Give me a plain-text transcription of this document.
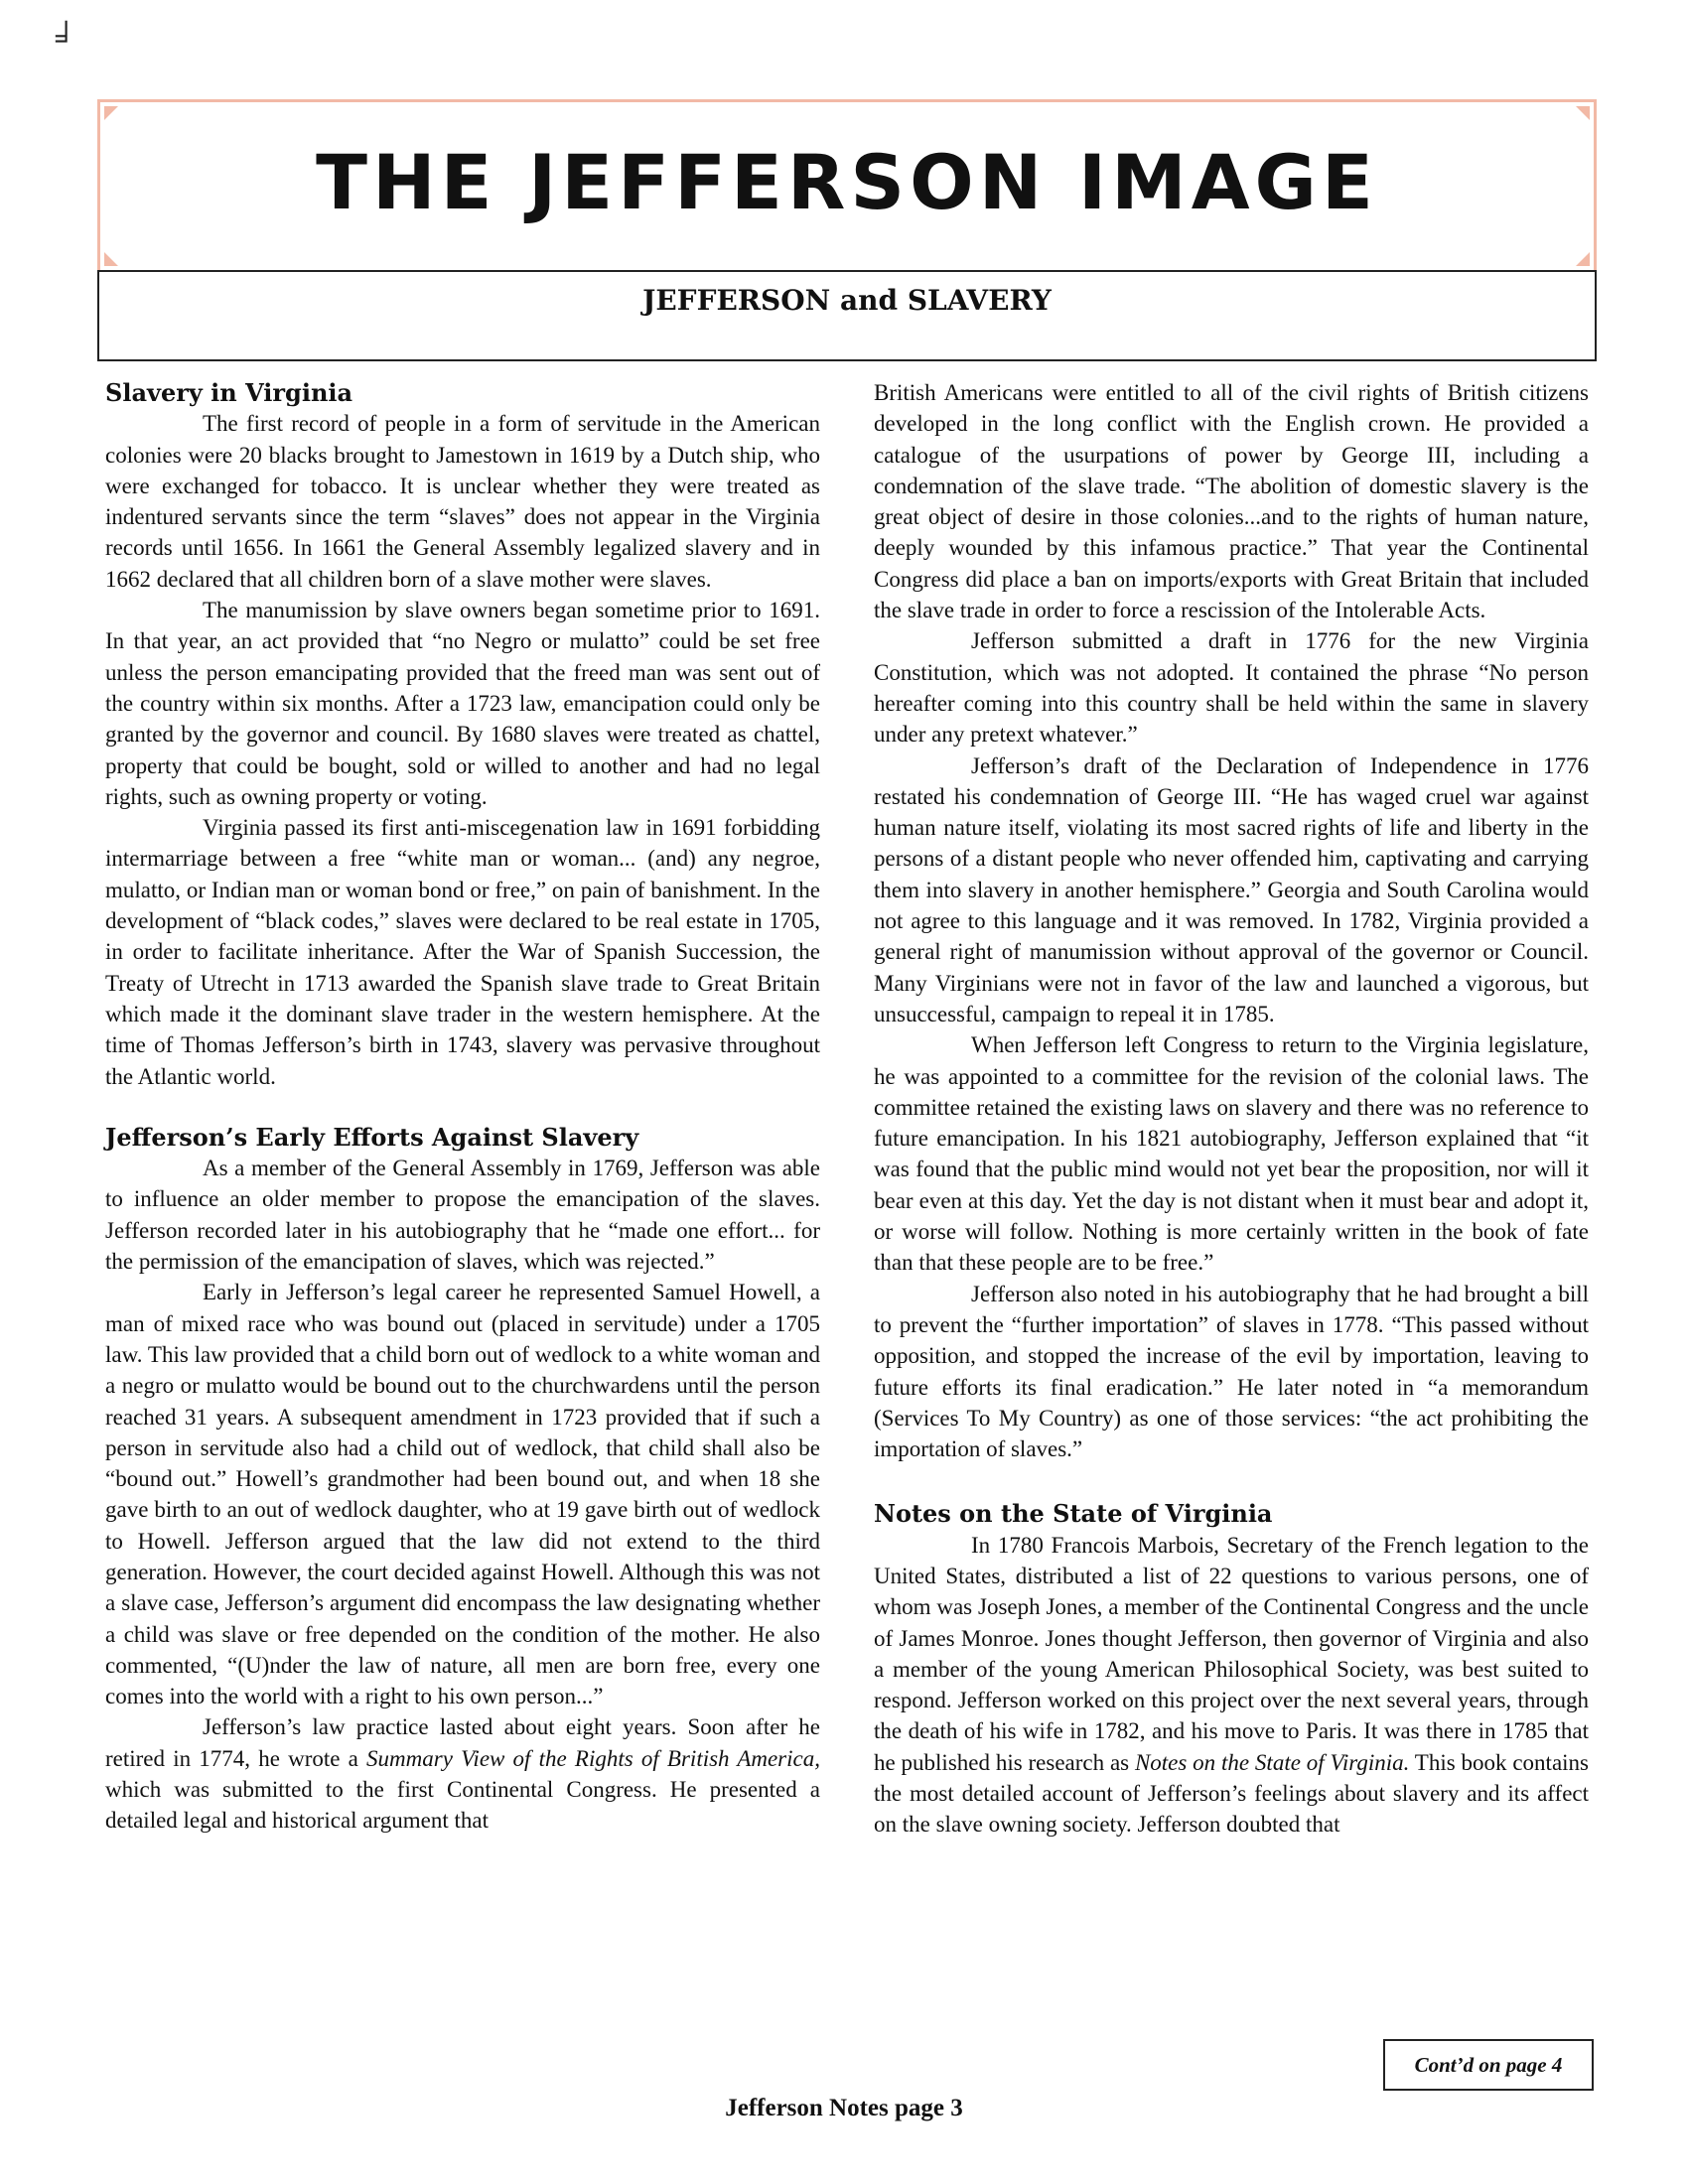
╛
THE JEFFERSON IMAGE
JEFFERSON and SLAVERY
Slavery in Virginia

The first record of people in a form of servitude in the American colonies were 20 blacks brought to Jamestown in 1619 by a Dutch ship, who were exchanged for tobacco. It is unclear whether they were treated as indentured servants since the term “slaves” does not appear in the Virginia records until 1656. In 1661 the General Assembly legalized slavery and in 1662 declared that all children born of a slave mother were slaves.

The manumission by slave owners began sometime prior to 1691. In that year, an act provided that “no Negro or mulatto” could be set free unless the person emancipating provided that the freed man was sent out of the country within six months. After a 1723 law, emancipation could only be granted by the governor and council. By 1680 slaves were treated as chattel, property that could be bought, sold or willed to another and had no legal rights, such as owning property or voting.

Virginia passed its first anti-miscegenation law in 1691 forbidding intermarriage between a free “white man or woman... (and) any negroe, mulatto, or Indian man or woman bond or free,” on pain of banishment. In the development of “black codes,” slaves were declared to be real estate in 1705, in order to facilitate inheritance. After the War of Spanish Succession, the Treaty of Utrecht in 1713 awarded the Spanish slave trade to Great Britain which made it the dominant slave trader in the western hemisphere. At the time of Thomas Jefferson’s birth in 1743, slavery was pervasive throughout the Atlantic world.

Jefferson’s Early Efforts Against Slavery

As a member of the General Assembly in 1769, Jefferson was able to influence an older member to propose the emancipation of the slaves. Jefferson recorded later in his autobiography that he “made one effort... for the permission of the emancipation of slaves, which was rejected.”

Early in Jefferson’s legal career he represented Samuel Howell, a man of mixed race who was bound out (placed in servitude) under a 1705 law. This law provided that a child born out of wedlock to a white woman and a negro or mulatto would be bound out to the churchwardens until the person reached 31 years. A subsequent amendment in 1723 provided that if such a person in servitude also had a child out of wedlock, that child shall also be “bound out.” Howell’s grandmother had been bound out, and when 18 she gave birth to an out of wedlock daughter, who at 19 gave birth out of wedlock to Howell. Jefferson argued that the law did not extend to the third generation. However, the court decided against Howell. Although this was not a slave case, Jefferson’s argument did encompass the law designating whether a child was slave or free depended on the condition of the mother. He also commented, “(U)nder the law of nature, all men are born free, every one comes into the world with a right to his own person...”

Jefferson’s law practice lasted about eight years. Soon after he retired in 1774, he wrote a Summary View of the Rights of British America, which was submitted to the first Continental Congress. He presented a detailed legal and historical argument that

British Americans were entitled to all of the civil rights of British citizens developed in the long conflict with the English crown. He provided a catalogue of the usurpations of power by George III, including a condemnation of the slave trade. “The abolition of domestic slavery is the great object of desire in those colonies...and to the rights of human nature, deeply wounded by this infamous practice.” That year the Continental Congress did place a ban on imports/exports with Great Britain that included the slave trade in order to force a rescission of the Intolerable Acts.

Jefferson submitted a draft in 1776 for the new Virginia Constitution, which was not adopted. It contained the phrase “No person hereafter coming into this country shall be held within the same in slavery under any pretext whatever.”

Jefferson’s draft of the Declaration of Independence in 1776 restated his condemnation of George III. “He has waged cruel war against human nature itself, violating its most sacred rights of life and liberty in the persons of a distant people who never offended him, captivating and carrying them into slavery in another hemisphere.” Georgia and South Carolina would not agree to this language and it was removed. In 1782, Virginia provided a general right of manumission without approval of the governor or Council. Many Virginians were not in favor of the law and launched a vigorous, but unsuccessful, campaign to repeal it in 1785.

When Jefferson left Congress to return to the Virginia legislature, he was appointed to a committee for the revision of the colonial laws. The committee retained the existing laws on slavery and there was no reference to future emancipation. In his 1821 autobiography, Jefferson explained that “it was found that the public mind would not yet bear the proposition, nor will it bear even at this day. Yet the day is not distant when it must bear and adopt it, or worse will follow. Nothing is more certainly written in the book of fate than that these people are to be free.”

Jefferson also noted in his autobiography that he had brought a bill to prevent the “further importation” of slaves in 1778. “This passed without opposition, and stopped the increase of the evil by importation, leaving to future efforts its final eradication.” He later noted in “a memorandum (Services To My Country) as one of those services: “the act prohibiting the importation of slaves.”

Notes on the State of Virginia

In 1780 Francois Marbois, Secretary of the French legation to the United States, distributed a list of 22 questions to various persons, one of whom was Joseph Jones, a member of the Continental Congress and the uncle of James Monroe. Jones thought Jefferson, then governor of Virginia and also a member of the young American Philosophical Society, was best suited to respond. Jefferson worked on this project over the next several years, through the death of his wife in 1782, and his move to Paris. It was there in 1785 that he published his research as Notes on the State of Virginia. This book contains the most detailed account of Jefferson’s feelings about slavery and its affect on the slave owning society. Jefferson doubted that

Cont’d on page 4
Jefferson Notes page 3
